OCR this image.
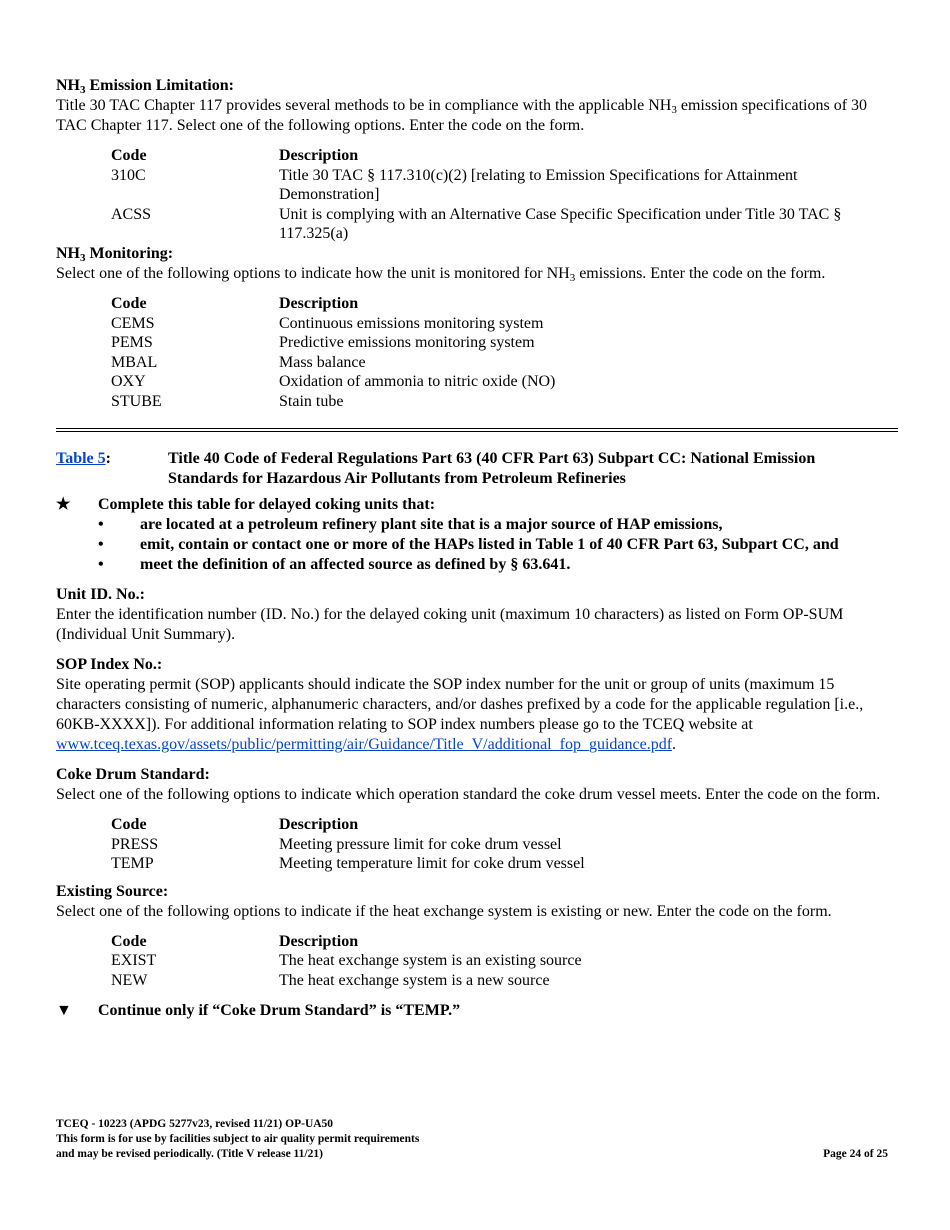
$NH_3$ Emission Limitation:

Title 30 TAC Chapter 117 provides several methods to be in compliance with the applicable $NH_3$ emission specifications of 30 TAC Chapter 117. Select one of the following options. Enter the code on the form.

Code	Description
310C	Title 30 TAC § 117.310(c)(2) [relating to Emission Specifications for Attainment Demonstration]
ACSS	Unit is complying with an Alternative Case Specific Specification under Title 30 TAC § 117.325(a)

$NH_3$ Monitoring:

Select one of the following options to indicate how the unit is monitored for $NH_3$ emissions. Enter the code on the form.

Code	Description
CEMS	Continuous emissions monitoring system
PEMS	Predictive emissions monitoring system
MBAL	Mass balance
OXY	Oxidation of ammonia to nitric oxide (NO)
STUBE	Stain tube
Table 5:	Title 40 Code of Federal Regulations Part 63 (40 CFR Part 63) Subpart CC: National Emission Standards for Hazardous Air Pollutants from Petroleum Refineries
★	Complete this table for delayed coking units that:
•	are located at a petroleum refinery plant site that is a major source of HAP emissions,
•	emit, contain or contact one or more of the HAPs listed in Table 1 of 40 CFR Part 63, Subpart CC, and
•	meet the definition of an affected source as defined by § 63.641.

Unit ID. No.:

Enter the identification number (ID. No.) for the delayed coking unit (maximum 10 characters) as listed on Form OP-SUM (Individual Unit Summary).

SOP Index No.:

Site operating permit (SOP) applicants should indicate the SOP index number for the unit or group of units (maximum 15 characters consisting of numeric, alphanumeric characters, and/or dashes prefixed by a code for the applicable regulation [i.e., 60KB-XXXX]). For additional information relating to SOP index numbers please go to the TCEQ website at www.tceq.texas.gov/assets/public/permitting/air/Guidance/Title_V/additional_fop_guidance.pdf.

Coke Drum Standard:

Select one of the following options to indicate which operation standard the coke drum vessel meets. Enter the code on the form.

Code	Description
PRESS	Meeting pressure limit for coke drum vessel
TEMP	Meeting temperature limit for coke drum vessel

Existing Source:

Select one of the following options to indicate if the heat exchange system is existing or new. Enter the code on the form.

Code	Description
EXIST	The heat exchange system is an existing source
NEW	The heat exchange system is a new source
▼	Continue only if “Coke Drum Standard” is “TEMP.”
TCEQ - 10223 (APDG 5277v23, revised 11/21) OP-UA50
This form is for use by facilities subject to air quality permit requirements
and may be revised periodically. (Title V release 11/21)	Page 24 of 25
